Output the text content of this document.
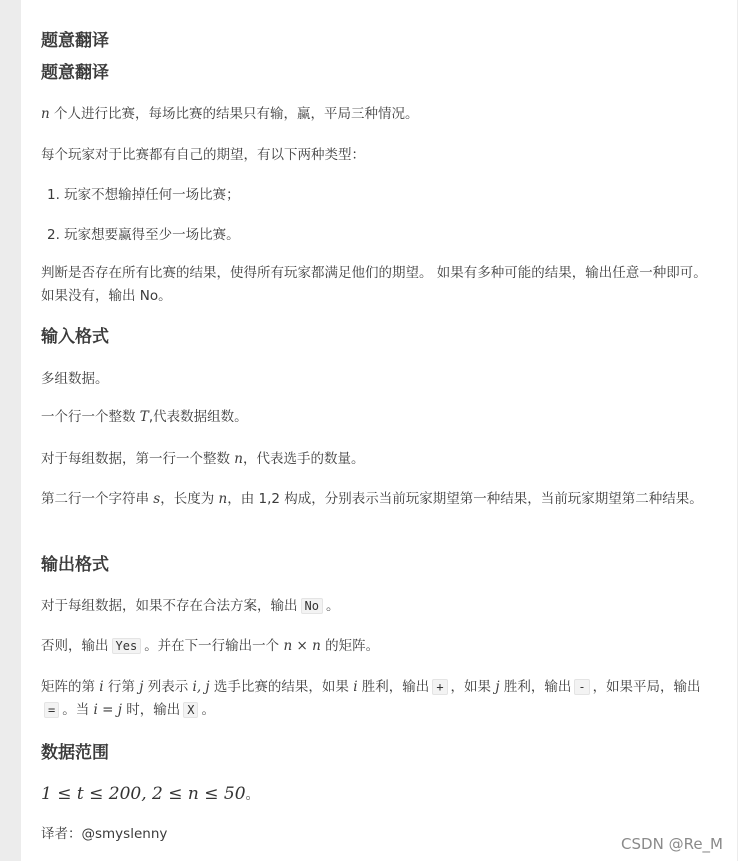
题意翻译
题意翻译

n 个人进行比赛，每场比赛的结果只有输，赢，平局三种情况。

每个玩家对于比赛都有自己的期望，有以下两种类型：

1. 玩家不想输掉任何一场比赛；
2. 玩家想要赢得至少一场比赛。

判断是否存在所有比赛的结果，使得所有玩家都满足他们的期望。 如果有多种可能的结果，输出任意一种即可。 如果没有，输出 No。

输入格式

多组数据。

一个行一个整数 T,代表数据组数。

对于每组数据，第一行一个整数 n，代表选手的数量。

第二行一个字符串 s，长度为 n，由 1,2 构成，分别表示当前玩家期望第一种结果，当前玩家期望第二种结果。

输出格式

对于每组数据，如果不存在合法方案，输出 No 。

否则，输出 Yes 。并在下一行输出一个 n × n 的矩阵。

矩阵的第 i 行第 j 列表示 i, j 选手比赛的结果，如果 i 胜利，输出 + ，如果 j 胜利，输出 - ，如果平局，输出= 。当 i = j 时，输出 X 。

数据范围
1 ≤ t ≤ 200, 2 ≤ n ≤ 50。
译者：@smyslenny
CSDN @Re_M
